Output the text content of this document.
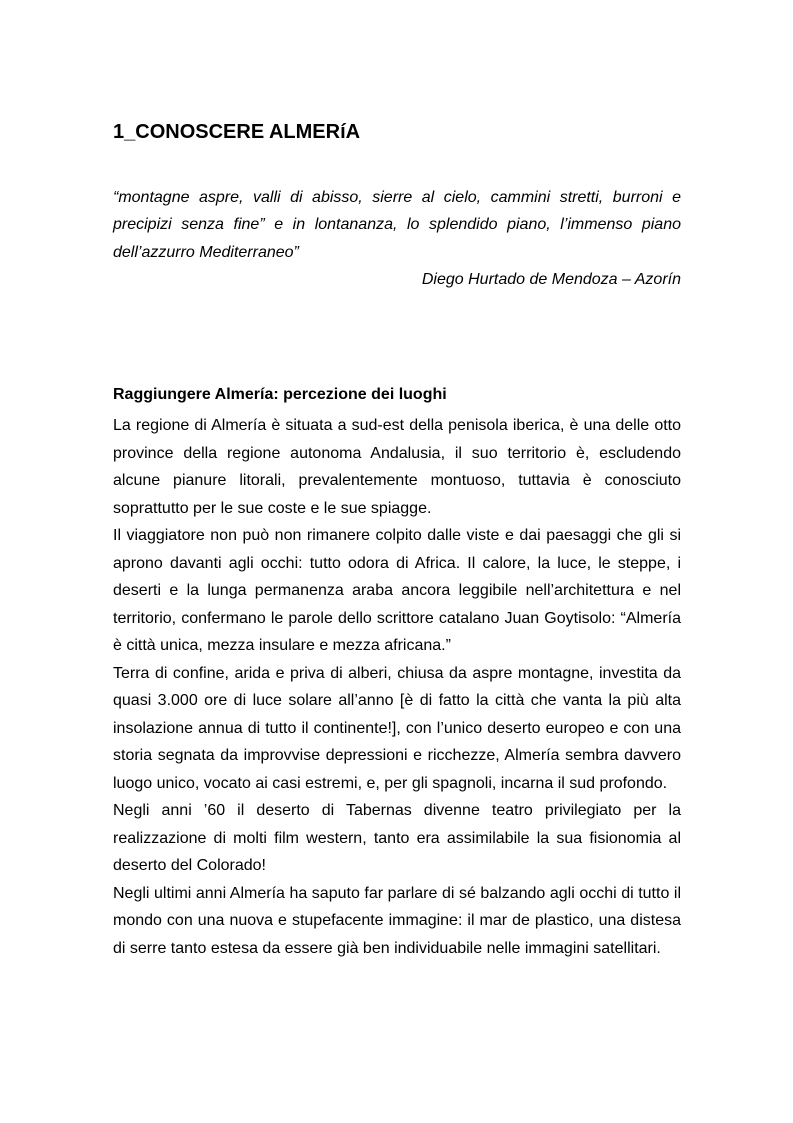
1_CONOSCERE ALMERíA

“montagne aspre, valli di abisso, sierre al cielo, cammini stretti, burroni e precipizi senza fine” e in lontananza, lo splendido piano, l’immenso piano dell’azzurro Mediterraneo”

Diego Hurtado de Mendoza – Azorín

Raggiungere Almería: percezione dei luoghi

La regione di Almería è situata a sud-est della penisola iberica, è una delle otto province della regione autonoma Andalusia, il suo territorio è, escludendo alcune pianure litorali, prevalentemente montuoso, tuttavia è conosciuto soprattutto per le sue coste e le sue spiagge.

Il viaggiatore non può non rimanere colpito dalle viste e dai paesaggi che gli si aprono davanti agli occhi: tutto odora di Africa. Il calore, la luce, le steppe, i deserti e la lunga permanenza araba ancora leggibile nell’architettura e nel territorio, confermano le parole dello scrittore catalano Juan Goytisolo: “Almería è città unica, mezza insulare e mezza africana.”

Terra di confine, arida e priva di alberi, chiusa da aspre montagne, investita da quasi 3.000 ore di luce solare all’anno [è di fatto la città che vanta la più alta insolazione annua di tutto il continente!], con l’unico deserto europeo e con una storia segnata da improvvise depressioni e ricchezze, Almería sembra davvero luogo unico, vocato ai casi estremi, e, per gli spagnoli, incarna il sud profondo.

Negli anni ’60 il deserto di Tabernas divenne teatro privilegiato per la realizzazione di molti film western, tanto era assimilabile la sua fisionomia al deserto del Colorado!

Negli ultimi anni Almería ha saputo far parlare di sé balzando agli occhi di tutto il mondo con una nuova e stupefacente immagine: il mar de plastico, una distesa di serre tanto estesa da essere già ben individuabile nelle immagini satellitari.
